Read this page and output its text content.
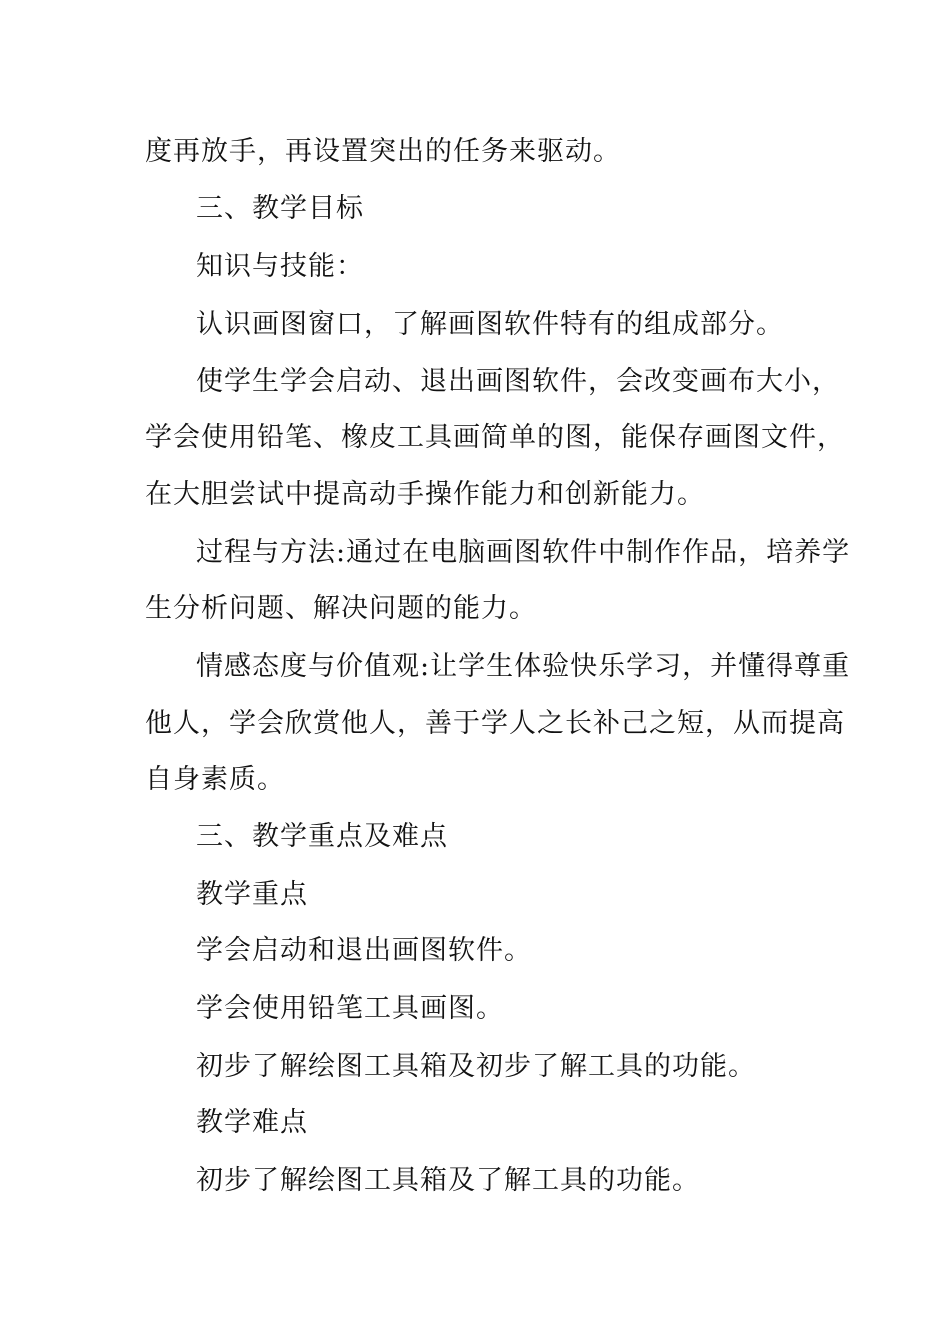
度再放手，再设置突出的任务来驱动。
三、教学目标
知识与技能：
认识画图窗口，了解画图软件特有的组成部分。
使学生学会启动、退出画图软件，会改变画布大小，
学会使用铅笔、橡皮工具画简单的图，能保存画图文件，
在大胆尝试中提高动手操作能力和创新能力。
过程与方法:通过在电脑画图软件中制作作品，培养学
生分析问题、解决问题的能力。
情感态度与价值观:让学生体验快乐学习，并懂得尊重
他人，学会欣赏他人，善于学人之长补己之短，从而提高
自身素质。
三、教学重点及难点
教学重点
学会启动和退出画图软件。
学会使用铅笔工具画图。
初步了解绘图工具箱及初步了解工具的功能。
教学难点
初步了解绘图工具箱及了解工具的功能。
